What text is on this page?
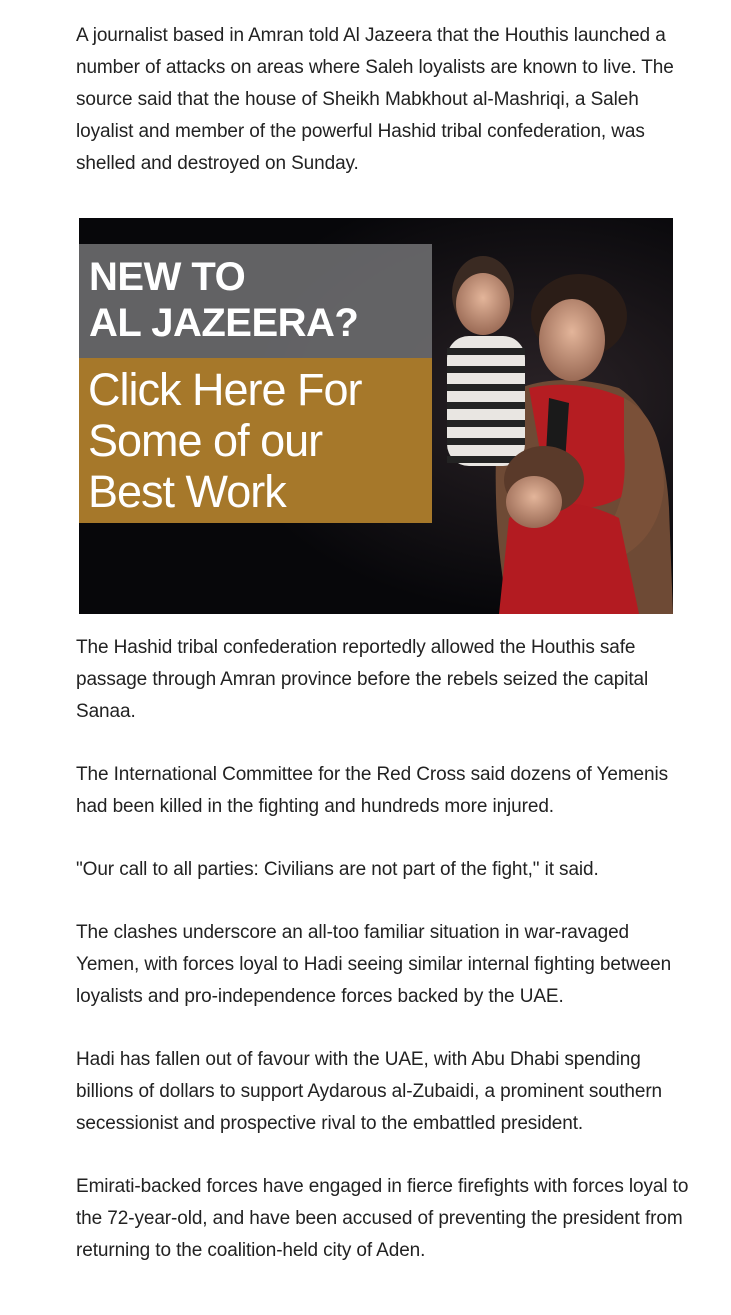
A journalist based in Amran told Al Jazeera that the Houthis launched a number of attacks on areas where Saleh loyalists are known to live. The source said that the house of Sheikh Mabkhout al-Mashriqi, a Saleh loyalist and member of the powerful Hashid tribal confederation, was shelled and destroyed on Sunday.

NEW TO
AL JAZEERA?
Click Here For
Some of our
Best Work

The Hashid tribal confederation reportedly allowed the Houthis safe passage through Amran province before the rebels seized the capital Sanaa.

The International Committee for the Red Cross said dozens of Yemenis had been killed in the fighting and hundreds more injured.

"Our call to all parties: Civilians are not part of the fight," it said.

The clashes underscore an all-too familiar situation in war-ravaged Yemen, with forces loyal to Hadi seeing similar internal fighting between loyalists and pro-independence forces backed by the UAE.

Hadi has fallen out of favour with the UAE, with Abu Dhabi spending billions of dollars to support Aydarous al-Zubaidi, a prominent southern secessionist and prospective rival to the embattled president.

Emirati-backed forces have engaged in fierce firefights with forces loyal to the 72-year-old, and have been accused of preventing the president from returning to the coalition-held city of Aden.
